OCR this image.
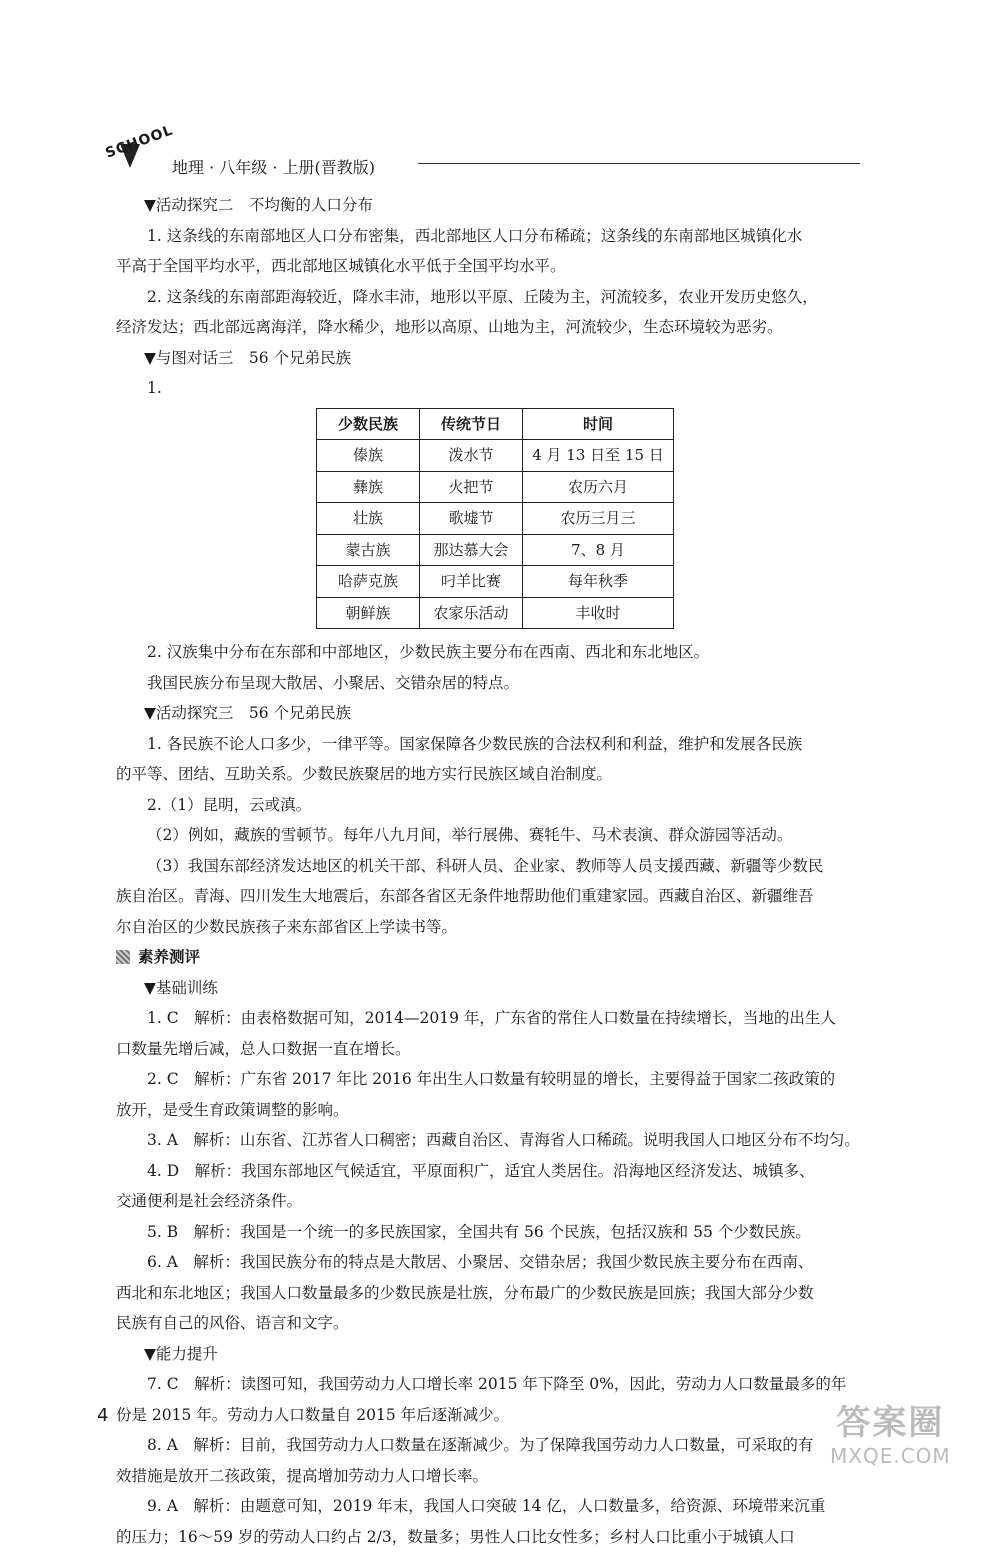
SCHOOL
地理 · 八年级 · 上册(晋教版)

▼活动探究二　不均衡的人口分布

1. 这条线的东南部地区人口分布密集，西北部地区人口分布稀疏；这条线的东南部地区城镇化水

平高于全国平均水平，西北部地区城镇化水平低于全国平均水平。

2. 这条线的东南部距海较近，降水丰沛，地形以平原、丘陵为主，河流较多，农业开发历史悠久，

经济发达；西北部远离海洋，降水稀少，地形以高原、山地为主，河流较少，生态环境较为恶劣。

▼与图对话三　56 个兄弟民族

1.

少数民族	传统节日	时间
傣族	泼水节	4 月 13 日至 15 日
彝族	火把节	农历六月
壮族	歌墟节	农历三月三
蒙古族	那达慕大会	7、8 月
哈萨克族	叼羊比赛	每年秋季
朝鲜族	农家乐活动	丰收时

2. 汉族集中分布在东部和中部地区，少数民族主要分布在西南、西北和东北地区。

我国民族分布呈现大散居、小聚居、交错杂居的特点。

▼活动探究三　56 个兄弟民族

1. 各民族不论人口多少，一律平等。国家保障各少数民族的合法权利和利益，维护和发展各民族

的平等、团结、互助关系。少数民族聚居的地方实行民族区域自治制度。

2.（1）昆明，云或滇。

（2）例如，藏族的雪顿节。每年八九月间，举行展佛、赛牦牛、马术表演、群众游园等活动。

（3）我国东部经济发达地区的机关干部、科研人员、企业家、教师等人员支援西藏、新疆等少数民

族自治区。青海、四川发生大地震后，东部各省区无条件地帮助他们重建家园。西藏自治区、新疆维吾

尔自治区的少数民族孩子来东部省区上学读书等。

素养测评

▼基础训练

1. C　解析：由表格数据可知，2014—2019 年，广东省的常住人口数量在持续增长，当地的出生人

口数量先增后减，总人口数据一直在增长。

2. C　解析：广东省 2017 年比 2016 年出生人口数量有较明显的增长，主要得益于国家二孩政策的

放开，是受生育政策调整的影响。

3. A　解析：山东省、江苏省人口稠密；西藏自治区、青海省人口稀疏。说明我国人口地区分布不均匀。

4. D　解析：我国东部地区气候适宜，平原面积广，适宜人类居住。沿海地区经济发达、城镇多、

交通便利是社会经济条件。

5. B　解析：我国是一个统一的多民族国家，全国共有 56 个民族，包括汉族和 55 个少数民族。

6. A　解析：我国民族分布的特点是大散居、小聚居、交错杂居；我国少数民族主要分布在西南、

西北和东北地区；我国人口数量最多的少数民族是壮族，分布最广的少数民族是回族；我国大部分少数

民族有自己的风俗、语言和文字。

▼能力提升

7. C　解析：读图可知，我国劳动力人口增长率 2015 年下降至 0%，因此，劳动力人口数量最多的年

份是 2015 年。劳动力人口数量自 2015 年后逐渐减少。

8. A　解析：目前，我国劳动力人口数量在逐渐减少。为了保障我国劳动力人口数量，可采取的有

效措施是放开二孩政策，提高增加劳动力人口增长率。

9. A　解析：由题意可知，2019 年末，我国人口突破 14 亿，人口数量多，给资源、环境带来沉重

的压力；16～59 岁的劳动人口约占 2/3，数量多；男性人口比女性多；乡村人口比重小于城镇人口

4	答案圈
MXQE.COM
